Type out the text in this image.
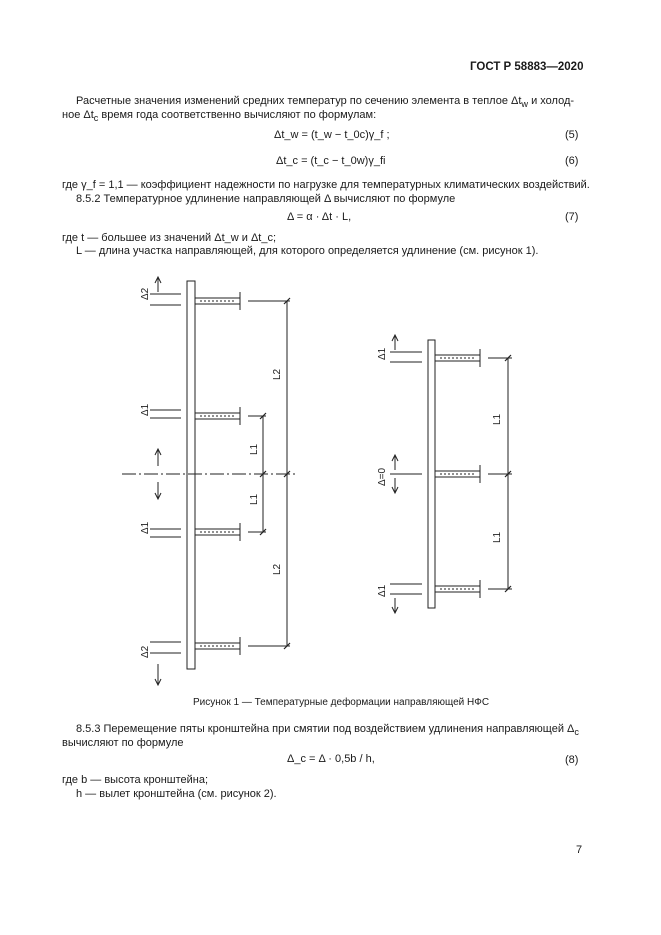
ГОСТ Р 58883—2020
Расчетные значения изменений средних температур по сечению элемента в теплое $\Delta t_w$ и холод-
ное $\Delta t_c$ время года соответственно вычисляют по формулам:
Δt_w = (t_w − t_0c)γ_f ;	(5)
Δt_c = (t_c − t_0w)γ_fi	(6)
где γ_f = 1,1 — коэффициент надежности по нагрузке для температурных климатических воздействий.
8.5.2 Температурное удлинение направляющей Δ вычисляют по формуле
Δ = α · Δt · L,	(7)
где t — большее из значений Δt_w и Δt_c;
L — длина участка направляющей, для которого определяется удлинение (см. рисунок 1).
Δ2
Δ1
Δ1
Δ2
L2
L2
L1
L1
Δ1
Δ=0
Δ1
L1
L1
Рисунок 1 — Температурные деформации направляющей НФС
8.5.3 Перемещение пяты кронштейна при смятии под воздействием удлинения направляющей $\Delta_c$
вычисляют по формуле
Δ_c = Δ · 0,5b / h,	(8)
где b — высота кронштейна;
h — вылет кронштейна (см. рисунок 2).
7
